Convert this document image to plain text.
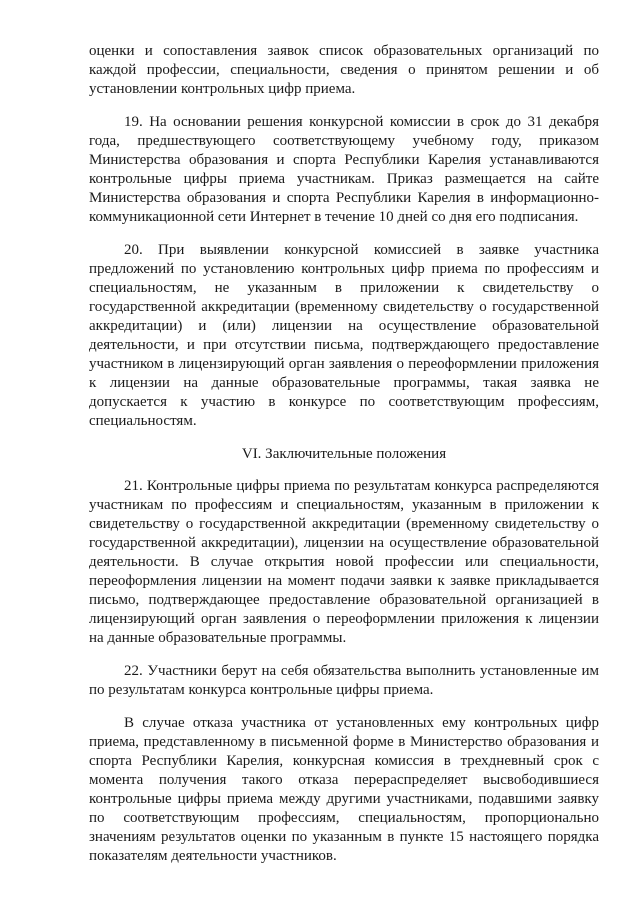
оценки и сопоставления заявок список образовательных организаций по каждой профессии, специальности, сведения о принятом решении и об установлении контрольных цифр приема.

19. На основании решения конкурсной комиссии в срок до 31 декабря года, предшествующего соответствующему учебному году, приказом Министерства образования и спорта Республики Карелия устанавливаются контрольные цифры приема участникам. Приказ размещается на сайте Министерства образования и спорта Республики Карелия в информационно-коммуникационной сети Интернет в течение 10 дней со дня его подписания.

20. При выявлении конкурсной комиссией в заявке участника предложений по установлению контрольных цифр приема по профессиям и специальностям, не указанным в приложении к свидетельству о государственной аккредитации (временному свидетельству о государственной аккредитации) и (или) лицензии на осуществление образовательной деятельности, и при отсутствии письма, подтверждающего предоставление участником в лицензирующий орган заявления о переоформлении приложения к лицензии на данные образовательные программы, такая заявка не допускается к участию в конкурсе по соответствующим профессиям, специальностям.

VI. Заключительные положения

21. Контрольные цифры приема по результатам конкурса распределяются участникам по профессиям и специальностям, указанным в приложении к свидетельству о государственной аккредитации (временному свидетельству о государственной аккредитации), лицензии на осуществление образовательной деятельности. В случае открытия новой профессии или специальности, переоформления лицензии на момент подачи заявки к заявке прикладывается письмо, подтверждающее предоставление образовательной организацией в лицензирующий орган заявления о переоформлении приложения к лицензии на данные образовательные программы.

22. Участники берут на себя обязательства выполнить установленные им по результатам конкурса контрольные цифры приема.

В случае отказа участника от установленных ему контрольных цифр приема, представленному в письменной форме в Министерство образования и спорта Республики Карелия, конкурсная комиссия в трехдневный срок с момента получения такого отказа перераспределяет высвободившиеся контрольные цифры приема между другими участниками, подавшими заявку по соответствующим профессиям, специальностям, пропорционально значениям результатов оценки по указанным в пункте 15 настоящего порядка показателям деятельности участников.
